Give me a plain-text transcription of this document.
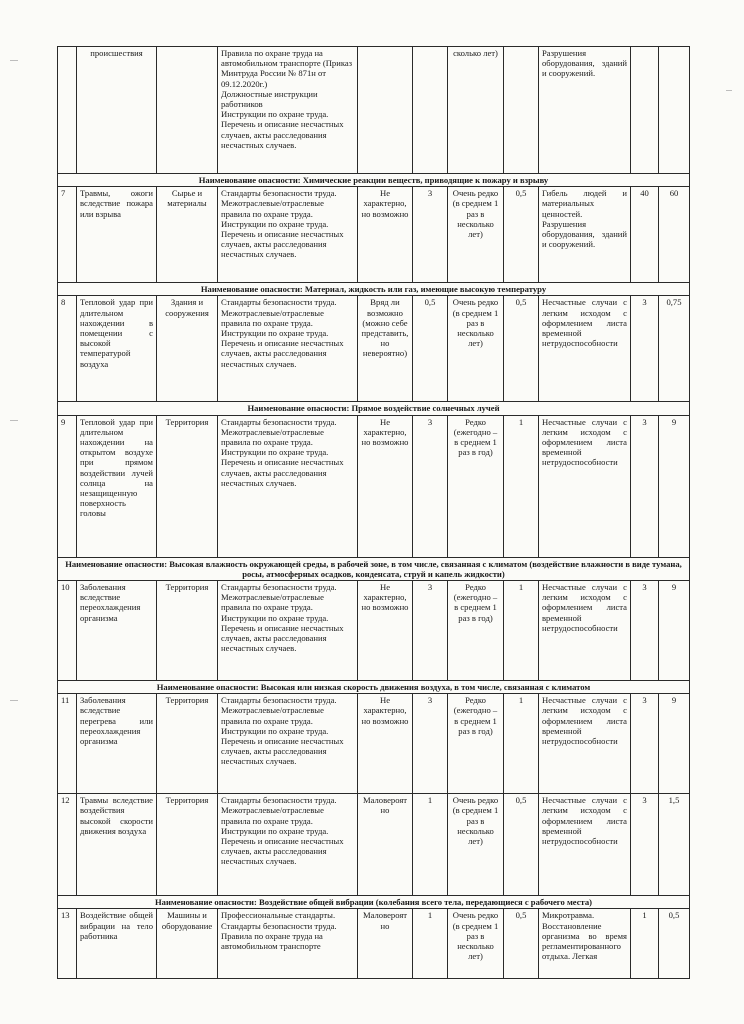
	происшествия		Правила по охране труда на автомобильном транспорте (Приказ Минтруда России № 871н от 09.12.2020г.)
Должностные инструкции работников
Инструкции по охране труда.
Перечень и описание несчастных случаев, акты расследования несчастных случаев.			сколько лет)		Разрушения оборудования, зданий и сооружений.		
Наименование опасности: Химические реакции веществ, приводящие к пожару и взрыву										
7	Травмы, ожоги вследствие пожара или взрыва	Сырье и материалы	Стандарты безопасности труда.
Межотраслевые/отраслевые правила по охране труда.
Инструкции по охране труда.
Перечень и описание несчастных случаев, акты расследования несчастных случаев.	Не характерно, но возможно	3	Очень редко (в среднем 1 раз в несколько лет)	0,5	Гибель людей и материальных ценностей.
Разрушения оборудования, зданий и сооружений.	40	60
Наименование опасности: Материал, жидкость или газ, имеющие высокую температуру										
8	Тепловой удар при длительном нахождении в помещении с высокой температурой воздуха	Здания и сооружения	Стандарты безопасности труда.
Межотраслевые/отраслевые правила по охране труда.
Инструкции по охране труда.
Перечень и описание несчастных случаев, акты расследования несчастных случаев.	Вряд ли возможно (можно себе представить, но невероятно)	0,5	Очень редко (в среднем 1 раз в несколько лет)	0,5	Несчастные случаи с легким исходом с оформлением листа временной нетрудоспособности	3	0,75
Наименование опасности: Прямое воздействие солнечных лучей										
9	Тепловой удар при длительном нахождении на открытом воздухе при прямом воздействии лучей солнца на незащищенную поверхность головы	Территория	Стандарты безопасности труда.
Межотраслевые/отраслевые правила по охране труда.
Инструкции по охране труда.
Перечень и описание несчастных случаев, акты расследования несчастных случаев.	Не характерно, но возможно	3	Редко (ежегодно – в среднем 1 раз в год)	1	Несчастные случаи с легким исходом с оформлением листа временной нетрудоспособности	3	9
Наименование опасности: Высокая влажность окружающей среды, в рабочей зоне, в том числе, связанная с климатом (воздействие влажности в виде тумана, росы, атмосферных осадков, конденсата, струй и капель жидкости)										
10	Заболевания вследствие переохлаждения организма	Территория	Стандарты безопасности труда.
Межотраслевые/отраслевые правила по охране труда.
Инструкции по охране труда.
Перечень и описание несчастных случаев, акты расследования несчастных случаев.	Не характерно, но возможно	3	Редко (ежегодно – в среднем 1 раз в год)	1	Несчастные случаи с легким исходом с оформлением листа временной нетрудоспособности	3	9
Наименование опасности: Высокая или низкая скорость движения воздуха, в том числе, связанная с климатом										
11	Заболевания вследствие перегрева или переохлаждения организма	Территория	Стандарты безопасности труда.
Межотраслевые/отраслевые правила по охране труда.
Инструкции по охране труда.
Перечень и описание несчастных случаев, акты расследования несчастных случаев.	Не характерно, но возможно	3	Редко (ежегодно – в среднем 1 раз в год)	1	Несчастные случаи с легким исходом с оформлением листа временной нетрудоспособности	3	9
12	Травмы вследствие воздействия высокой скорости движения воздуха	Территория	Стандарты безопасности труда.
Межотраслевые/отраслевые правила по охране труда.
Инструкции по охране труда.
Перечень и описание несчастных случаев, акты расследования несчастных случаев.	Маловероятно	1	Очень редко (в среднем 1 раз в несколько лет)	0,5	Несчастные случаи с легким исходом с оформлением листа временной нетрудоспособности	3	1,5
Наименование опасности: Воздействие общей вибрации (колебания всего тела, передающиеся с рабочего места)										
13	Воздействие общей вибрации на тело работника	Машины и оборудование	Профессиональные стандарты.
Стандарты безопасности труда.
Правила по охране труда на автомобильном транспорте	Маловероятно	1	Очень редко (в среднем 1 раз в несколько лет)	0,5	Микротравма. Восстановление организма во время регламентированного отдыха. Легкая	1	0,5
